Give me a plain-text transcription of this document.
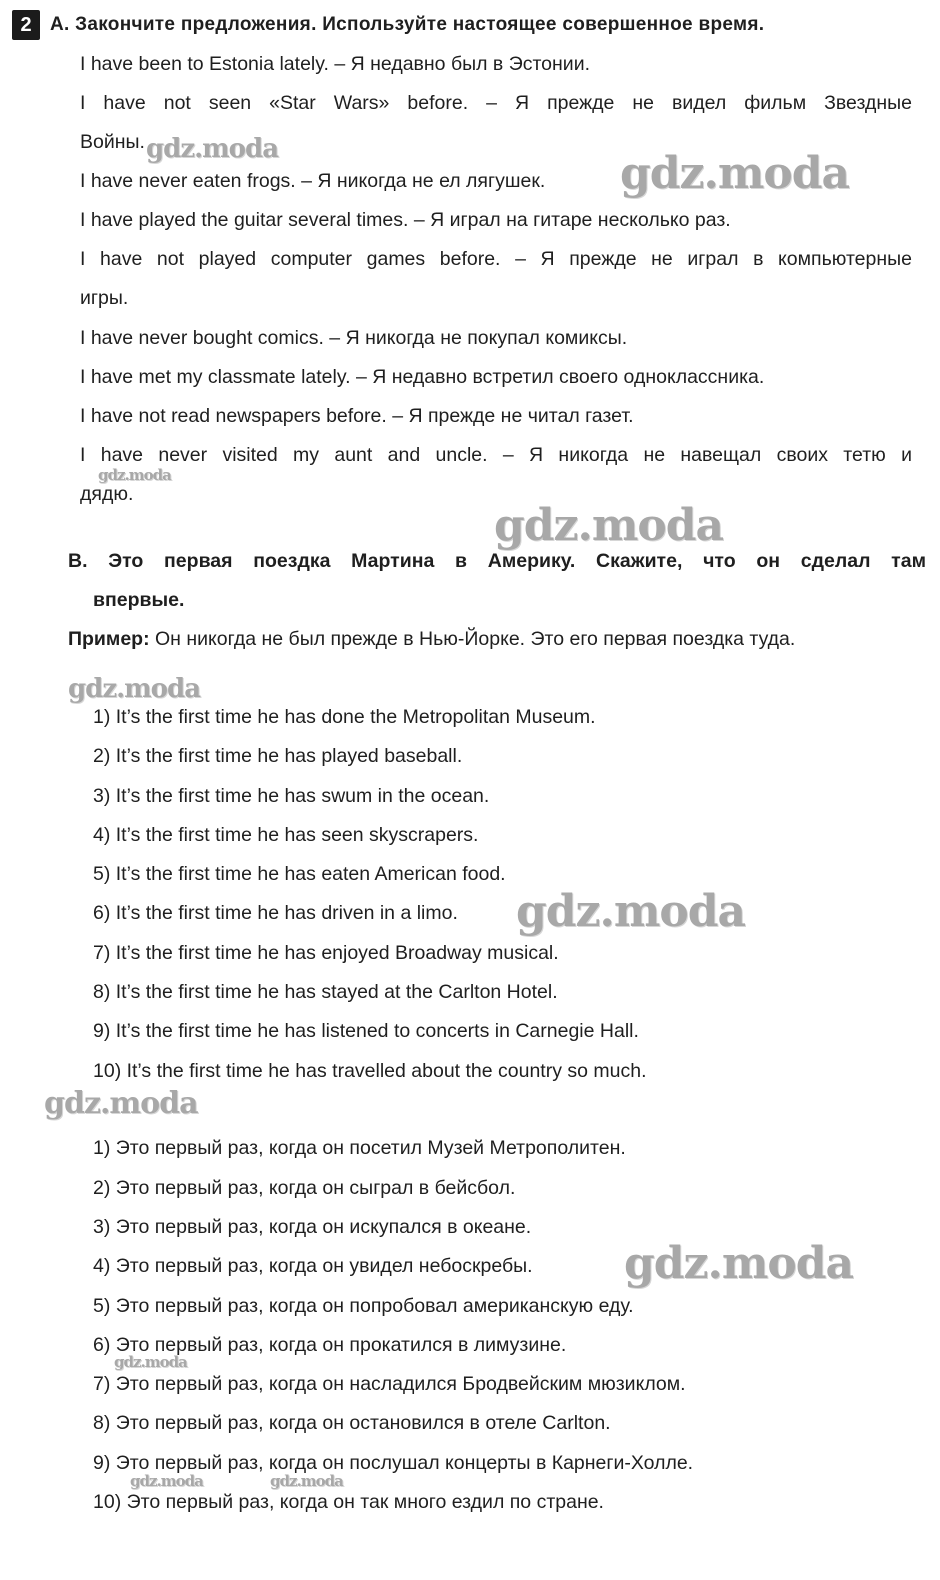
2 А. Закончите предложения. Используйте настоящее совершенное время.
I have been to Estonia lately. – Я недавно был в Эстонии.
I have not seen «Star Wars» before. – Я прежде не видел фильм Звездные
Войны.
I have never eaten frogs. – Я никогда не ел лягушек.
I have played the guitar several times. – Я играл на гитаре несколько раз.
I have not played computer games before. – Я прежде не играл в компьютерные
игры.
I have never bought comics. – Я никогда не покупал комиксы.
I have met my classmate lately. – Я недавно встретил своего одноклассника.
I have not read newspapers before. – Я прежде не читал газет.
I have never visited my aunt and uncle. – Я никогда не навещал своих тетю и
дядю.
В. Это первая поездка Мартина в Америку. Скажите, что он сделал там
впервые.
Пример: Он никогда не был прежде в Нью-Йорке. Это его первая поездка туда.
1) It’s the first time he has done the Metropolitan Museum.
2) It’s the first time he has played baseball.
3) It’s the first time he has swum in the ocean.
4) It’s the first time he has seen skyscrapers.
5) It’s the first time he has eaten American food.
6) It’s the first time he has driven in a limo.
7) It’s the first time he has enjoyed Broadway musical.
8) It’s the first time he has stayed at the Carlton Hotel.
9) It’s the first time he has listened to concerts in Carnegie Hall.
10) It’s the first time he has travelled about the country so much.
1) Это первый раз, когда он посетил Музей Метрополитен.
2) Это первый раз, когда он сыграл в бейсбол.
3) Это первый раз, когда он искупался в океане.
4) Это первый раз, когда он увидел небоскребы.
5) Это первый раз, когда он попробовал американскую еду.
6) Это первый раз, когда он прокатился в лимузине.
7) Это первый раз, когда он насладился Бродвейским мюзиклом.
8) Это первый раз, когда он остановился в отеле Carlton.
9) Это первый раз, когда он послушал концерты в Карнеги-Холле.
10) Это первый раз, когда он так много ездил по стране.
gdz.moda	gdz.moda
gdz.moda
gdz.moda
gdz.moda
gdz.moda
gdz.moda
gdz.moda
gdz.moda
gdz.moda	gdz.moda
